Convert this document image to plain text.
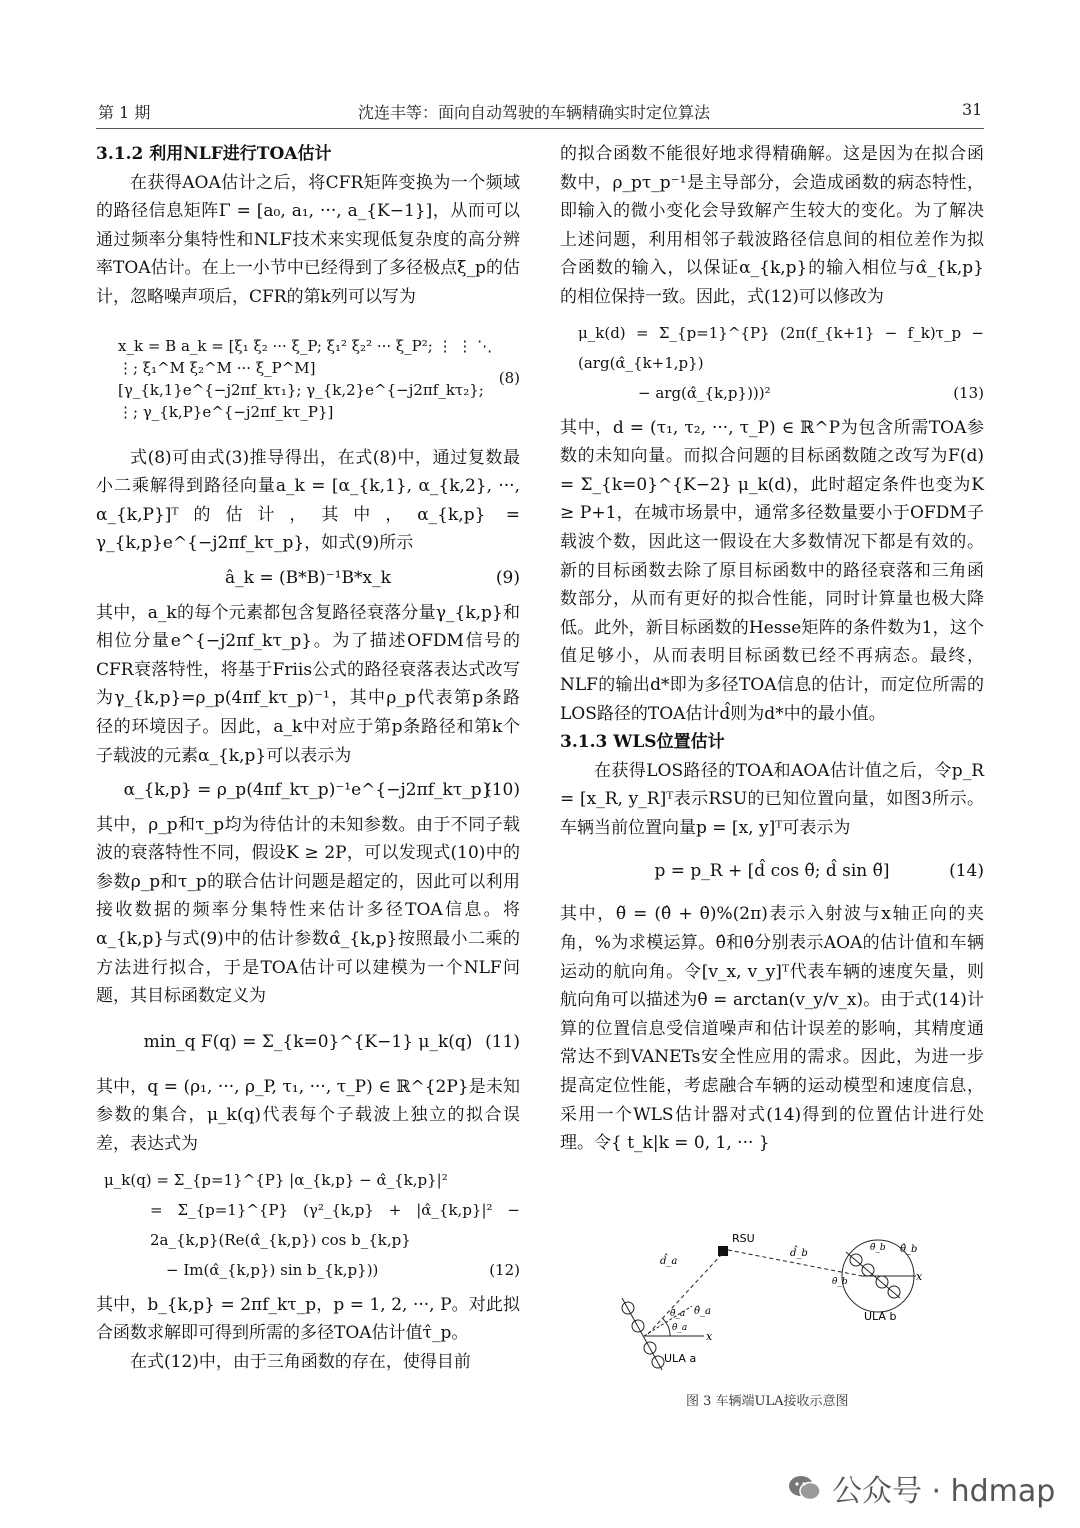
第 1 期	沈连丰等：面向自动驾驶的车辆精确实时定位算法	31
3.1.2 利用NLF进行TOA估计

在获得AOA估计之后，将CFR矩阵变换为一个频域的路径信息矩阵Γ = [a₀, a₁, ···, a_{K−1}]，从而可以通过频率分集特性和NLF技术来实现低复杂度的高分辨率TOA估计。在上一小节中已经得到了多径极点ξ_p的估计，忽略噪声项后，CFR的第k列可以写为

x_k = B a_k = [ξ₁ ξ₂ ··· ξ_P; ξ₁² ξ₂² ··· ξ_P²; ⋮ ⋮ ⋱ ⋮; ξ₁^M ξ₂^M ··· ξ_P^M] [γ_{k,1}e^{−j2πf_kτ₁}; γ_{k,2}e^{−j2πf_kτ₂}; ⋮; γ_{k,P}e^{−j2πf_kτ_P}]
(8)

式(8)可由式(3)推导得出，在式(8)中，通过复数最小二乘解得到路径向量a_k = [α_{k,1}, α_{k,2}, ···, α_{k,P}]ᵀ的估计，其中，α_{k,p} = γ_{k,p}e^{−j2πf_kτ_p}，如式(9)所示

â_k = (B*B)⁻¹B*x_k	(9)

其中，a_k的每个元素都包含复路径衰落分量γ_{k,p}和相位分量e^{−j2πf_kτ_p}。为了描述OFDM信号的CFR衰落特性，将基于Friis公式的路径衰落表达式改写为γ_{k,p}=ρ_p(4πf_kτ_p)⁻¹，其中ρ_p代表第p条路径的环境因子。因此，a_k中对应于第p条路径和第k个子载波的元素α_{k,p}可以表示为

α_{k,p} = ρ_p(4πf_kτ_p)⁻¹e^{−j2πf_kτ_p}
(10)

其中，ρ_p和τ_p均为待估计的未知参数。由于不同子载波的衰落特性不同，假设K ≥ 2P，可以发现式(10)中的参数ρ_p和τ_p的联合估计问题是超定的，因此可以利用接收数据的频率分集特性来估计多径TOA信息。将α_{k,p}与式(9)中的估计参数α̂_{k,p}按照最小二乘的方法进行拟合，于是TOA估计可以建模为一个NLF问题，其目标函数定义为

min_q F(q) = Σ_{k=0}^{K−1} μ_k(q) (11)

其中，q = (ρ₁, ···, ρ_P, τ₁, ···, τ_P) ∈ ℝ^{2P}是未知参数的集合，μ_k(q)代表每个子载波上独立的拟合误差，表达式为

μ_k(q) = Σ_{p=1}^{P} |α_{k,p} − α̂_{k,p}|²
= Σ_{p=1}^{P} (γ²_{k,p} + |α̂_{k,p}|² − 2a_{k,p}(Re(α̂_{k,p}) cos b_{k,p}
− Im(α̂_{k,p}) sin b_{k,p}))	(12)

其中，b_{k,p} = 2πf_kτ_p，p = 1, 2, ···, P。对此拟合函数求解即可得到所需的多径TOA估计值τ̂_p。

在式(12)中，由于三角函数的存在，使得目前

的拟合函数不能很好地求得精确解。这是因为在拟合函数中，ρ_pτ_p⁻¹是主导部分，会造成函数的病态特性，即输入的微小变化会导致解产生较大的变化。为了解决上述问题，利用相邻子载波路径信息间的相位差作为拟合函数的输入，以保证α_{k,p}的输入相位与α̂_{k,p}的相位保持一致。因此，式(12)可以修改为

μ_k(d) = Σ_{p=1}^{P} (2π(f_{k+1} − f_k)τ_p − (arg(α̂_{k+1,p})
− arg(α̂_{k,p})))²	(13)

其中，d = (τ₁, τ₂, ···, τ_P) ∈ ℝ^P为包含所需TOA参数的未知向量。而拟合问题的目标函数随之改写为F(d) = Σ_{k=0}^{K−2} μ_k(d)，此时超定条件也变为K ≥ P+1，在城市场景中，通常多径数量要小于OFDM子载波个数，因此这一假设在大多数情况下都是有效的。新的目标函数去除了原目标函数中的路径衰落和三角函数部分，从而有更好的拟合性能，同时计算量也极大降低。此外，新目标函数的Hesse矩阵的条件数为1，这个值足够小，从而表明目标函数已经不再病态。最终，NLF的输出d*即为多径TOA信息的估计，而定位所需的LOS路径的TOA估计d̂则为d*中的最小值。

3.1.3 WLS位置估计

在获得LOS路径的TOA和AOA估计值之后，令p_R = [x_R, y_R]ᵀ表示RSU的已知位置向量，如图3所示。车辆当前位置向量p = [x, y]ᵀ可表示为

p = p_R + [d̂ cos θ̃; d̂ sin θ̃]	(14)

其中，θ̃ = (θ̂ + θ̇)%(2π)表示入射波与x轴正向的夹角，%为求模运算。θ̂和θ̇分别表示AOA的估计值和车辆运动的航向角。令[v_x, v_y]ᵀ代表车辆的速度矢量，则航向角可以描述为θ̇ = arctan(v_y/v_x)。由于式(14)计算的位置信息受信道噪声和估计误差的影响，其精度通常达不到VANETs安全性应用的需求。因此，为进一步提高定位性能，考虑融合车辆的运动模型和速度信息，采用一个WLS估计器对式(14)得到的位置估计进行处理。令{ t_k|k = 0, 1, ··· }

RSU
x
d̂_a
θ̂_a
θ̃_a
θ̇_a
ULA a
x
d̂_b	θ̂_b
θ̃_b
θ̇_b
ULA b
图 3 车辆端ULA接收示意图
公众号 · hdmap
